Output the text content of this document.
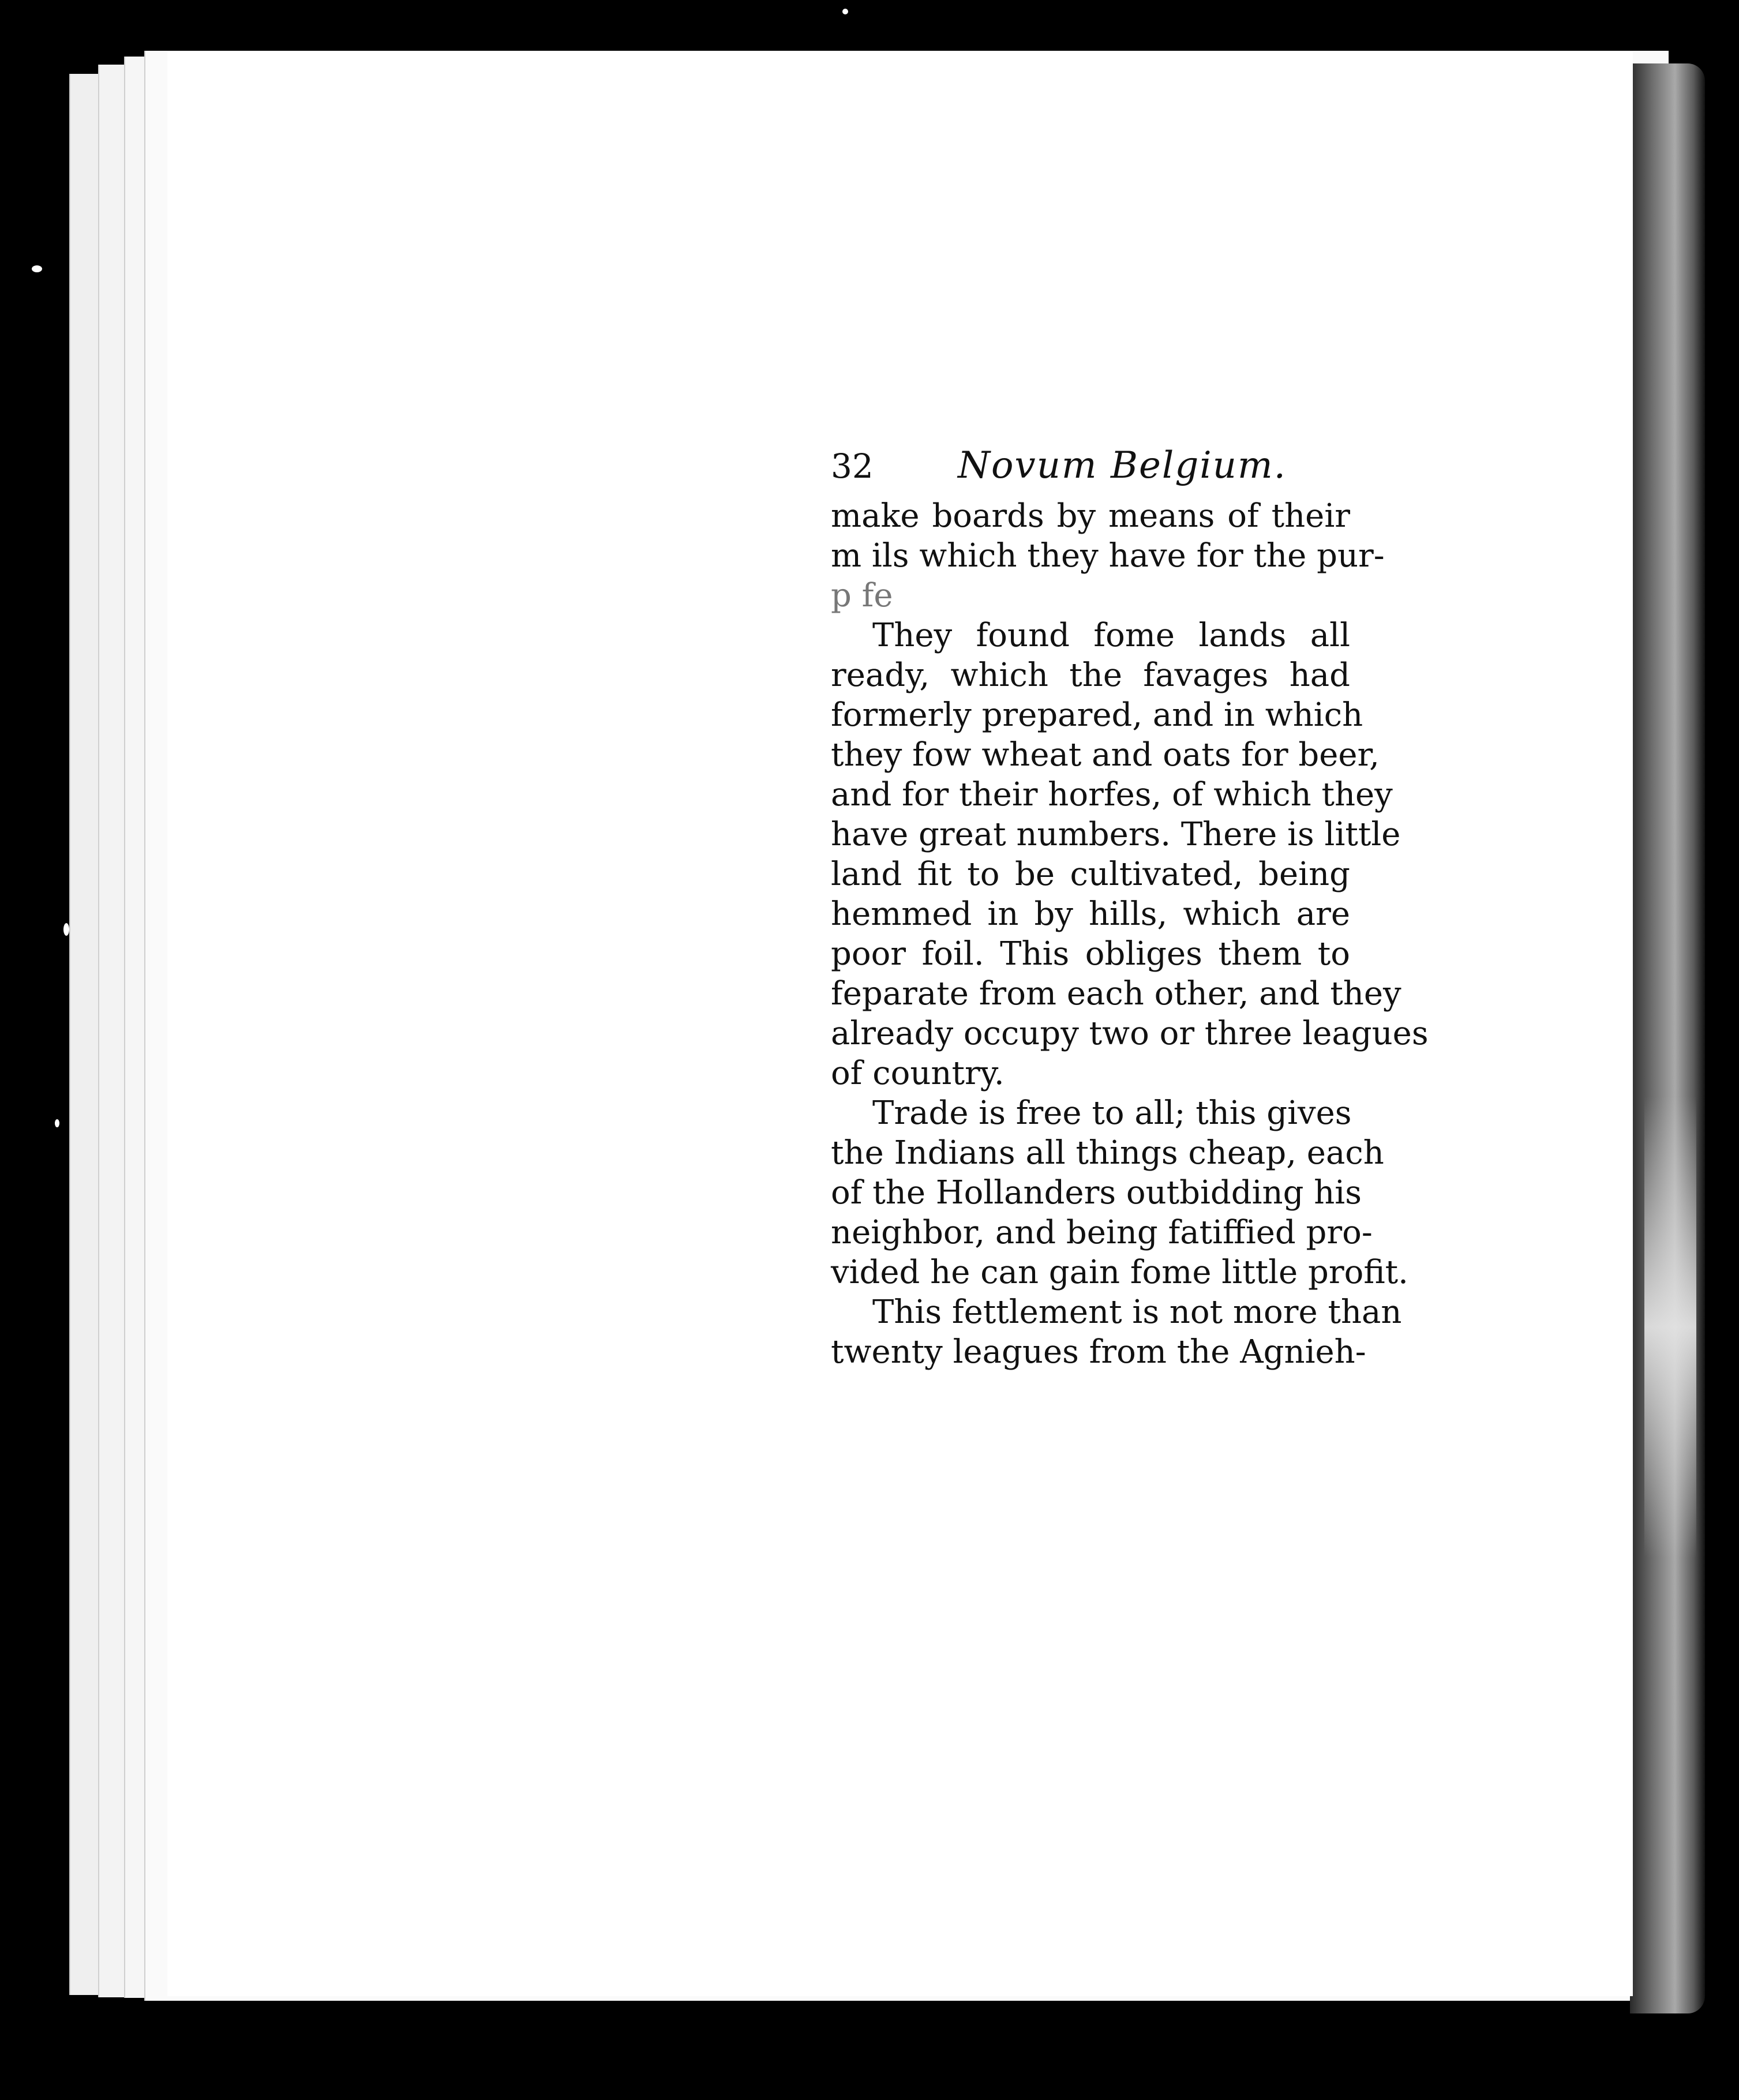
32	Novum Belgium.
make boards by means of their
m ils which they have for the pur-
p fe
They found fome lands all
ready, which the favages had
formerly prepared, and in which
they fow wheat and oats for beer,
and for their horfes, of which they
have great numbers. There is little
land fit to be cultivated, being
hemmed in by hills, which are
poor foil. This obliges them to
feparate from each other, and they
already occupy two or three leagues
of country.
Trade is free to all; this gives
the Indians all things cheap, each
of the Hollanders outbidding his
neighbor, and being fatiffied pro-
vided he can gain fome little profit.
This fettlement is not more than
twenty leagues from the Agnieh-
